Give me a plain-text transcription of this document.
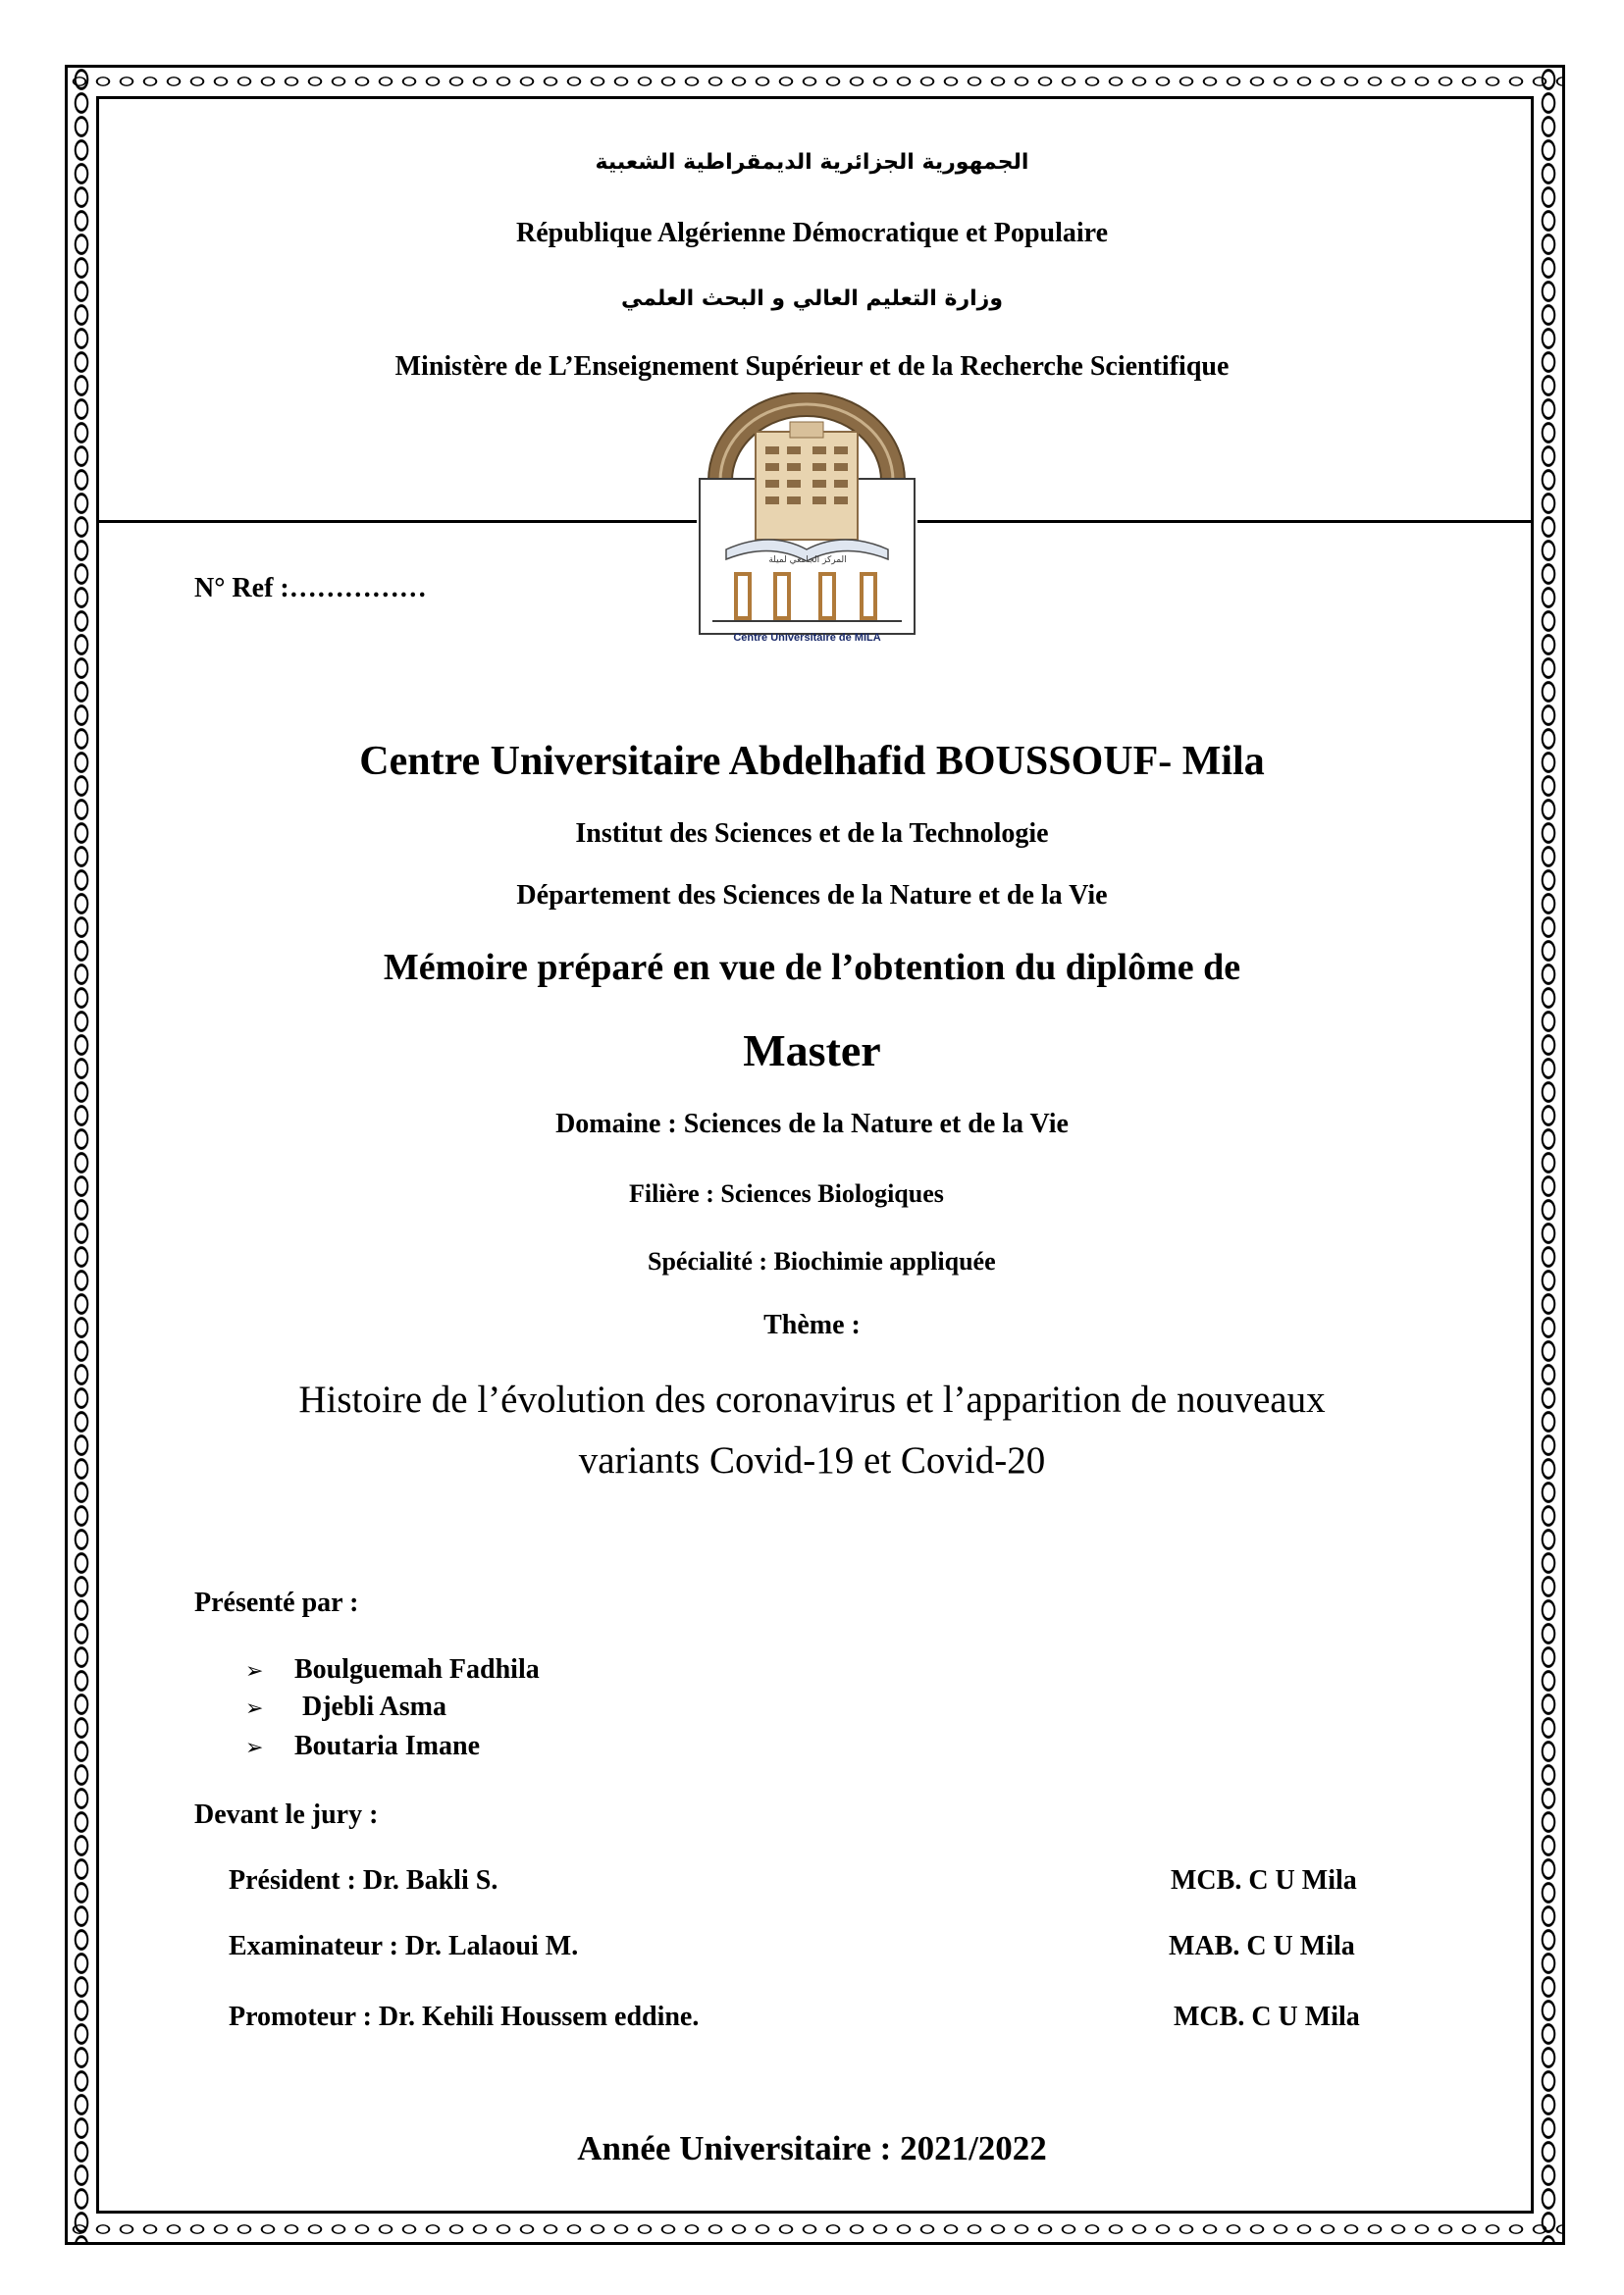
الجمهورية الجزائرية الديمقراطية الشعبية
République Algérienne Démocratique et Populaire
وزارة التعليم العالي و البحث العلمي
Ministère de L’Enseignement Supérieur et de la Recherche Scientifique
المركز الجامعي لميلة
Centre Universitaire de MILA
N° Ref :……………
Centre Universitaire Abdelhafid BOUSSOUF- Mila
Institut des Sciences et de la Technologie
Département des Sciences de la Nature et de la Vie
Mémoire préparé en vue de l’obtention du diplôme de
Master
Domaine : Sciences de la Nature et de la Vie
Filière : Sciences Biologiques
Spécialité : Biochimie appliquée
Thème :
Histoire de l’évolution des coronavirus et l’apparition de nouveaux
variants Covid-19 et Covid-20
Présenté par :
➢ Boulguemah Fadhila
➢ Djebli Asma
➢ Boutaria Imane
Devant le jury :
Président : Dr. Bakli S.	MCB. C U Mila
Examinateur : Dr. Lalaoui M.	MAB. C U Mila
Promoteur : Dr. Kehili Houssem eddine.	MCB. C U Mila
Année Universitaire : 2021/2022
